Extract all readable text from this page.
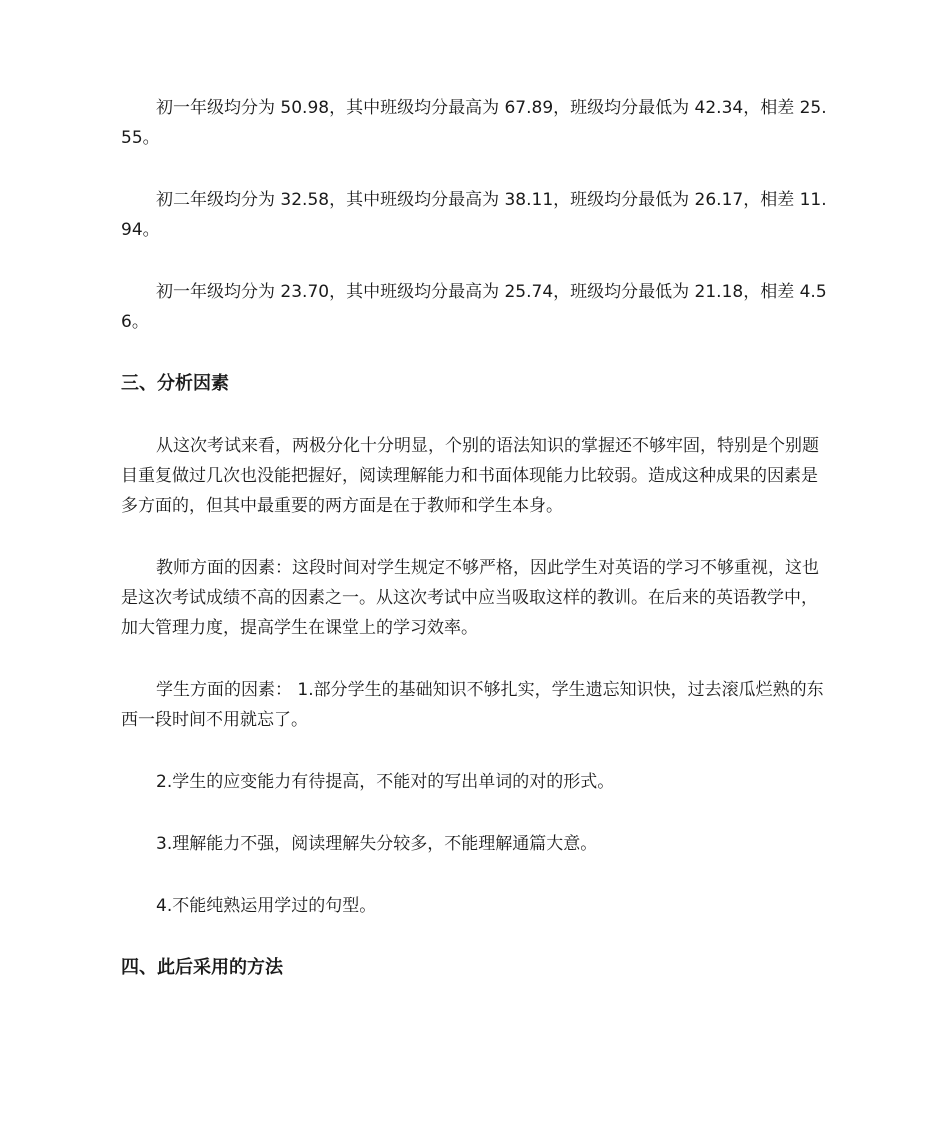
初一年级均分为 50.98，其中班级均分最高为 67.89，班级均分最低为 42.34，相差 25.55。

初二年级均分为 32.58，其中班级均分最高为 38.11，班级均分最低为 26.17，相差 11.94。

初一年级均分为 23.70，其中班级均分最高为 25.74，班级均分最低为 21.18，相差 4.56。

三、分析因素

从这次考试来看，两极分化十分明显，个别的语法知识的掌握还不够牢固，特别是个别题目重复做过几次也没能把握好，阅读理解能力和书面体现能力比较弱。造成这种成果的因素是多方面的，但其中最重要的两方面是在于教师和学生本身。

教师方面的因素：这段时间对学生规定不够严格，因此学生对英语的学习不够重视，这也是这次考试成绩不高的因素之一。从这次考试中应当吸取这样的教训。在后来的英语教学中，加大管理力度，提高学生在课堂上的学习效率。

学生方面的因素： 1.部分学生的基础知识不够扎实，学生遗忘知识快，过去滚瓜烂熟的东西一段时间不用就忘了。

2.学生的应变能力有待提高，不能对的写出单词的对的形式。

3.理解能力不强，阅读理解失分较多，不能理解通篇大意。

4.不能纯熟运用学过的句型。

四、此后采用的方法
